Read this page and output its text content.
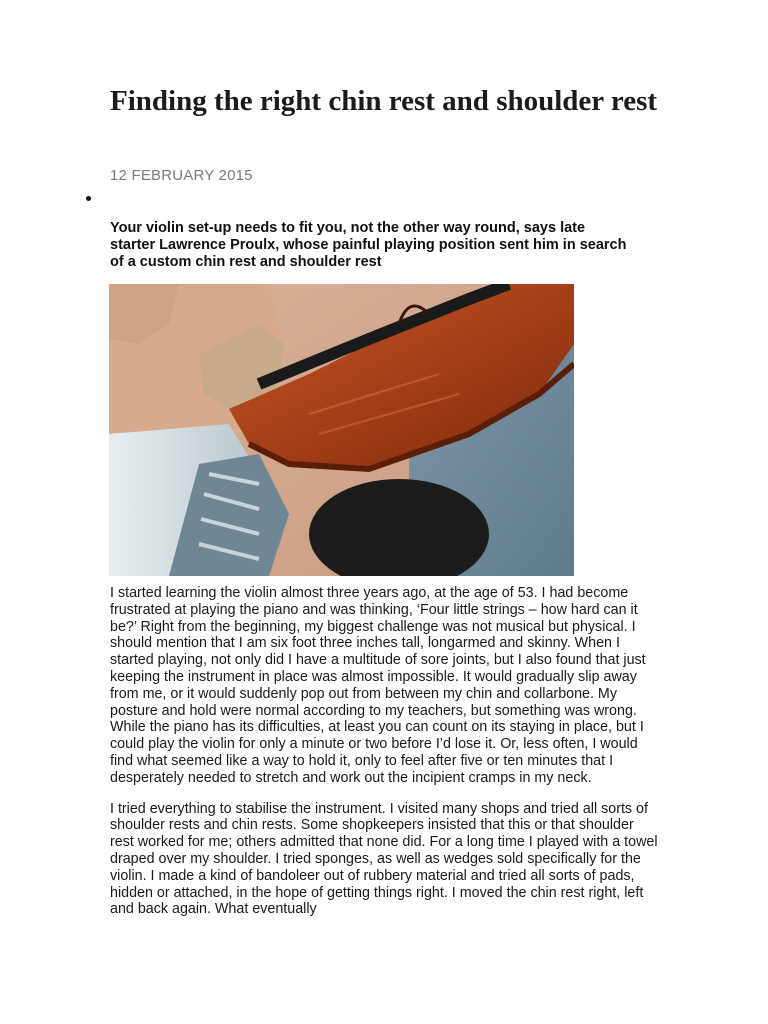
Finding the right chin rest and shoulder rest
12 FEBRUARY 2015

Your violin set-up needs to fit you, not the other way round, says late starter Lawrence Proulx, whose painful playing position sent him in search of a custom chin rest and shoulder rest

I started learning the violin almost three years ago, at the age of 53. I had become frustrated at playing the piano and was thinking, ‘Four little strings – how hard can it be?’ Right from the beginning, my biggest challenge was not musical but physical. I should mention that I am six foot three inches tall, longarmed and skinny. When I started playing, not only did I have a multitude of sore joints, but I also found that just keeping the instrument in place was almost impossible. It would gradually slip away from me, or it would suddenly pop out from between my chin and collarbone. My posture and hold were normal according to my teachers, but something was wrong. While the piano has its difficulties, at least you can count on its staying in place, but I could play the violin for only a minute or two before I’d lose it. Or, less often, I would find what seemed like a way to hold it, only to feel after five or ten minutes that I desperately needed to stretch and work out the incipient cramps in my neck.

I tried everything to stabilise the instrument. I visited many shops and tried all sorts of shoulder rests and chin rests. Some shopkeepers insisted that this or that shoulder rest worked for me; others admitted that none did. For a long time I played with a towel draped over my shoulder. I tried sponges, as well as wedges sold specifically for the violin. I made a kind of bandoleer out of rubbery material and tried all sorts of pads, hidden or attached, in the hope of getting things right. I moved the chin rest right, left and back again. What eventually
